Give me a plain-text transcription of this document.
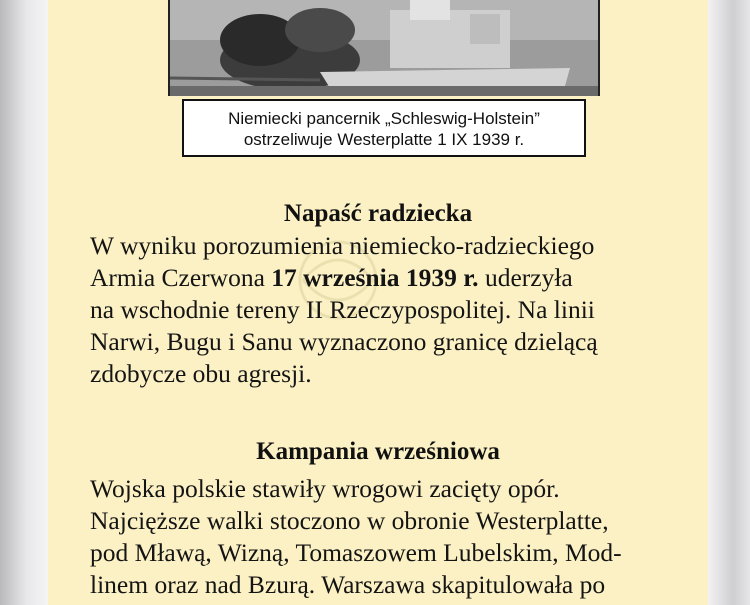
Niemiecki pancernik „Schleswig-Holstein”
ostrzeliwuje Westerplatte 1 IX 1939 r.
Napaść radziecka
W wyniku porozumienia niemiecko-radzieckiego
Armia Czerwona 17 września 1939 r. uderzyła
na wschodnie tereny II Rzeczypospolitej. Na linii
Narwi, Bugu i Sanu wyznaczono granicę dzielącą
zdobycze obu agresji.
Kampania wrześniowa
Wojska polskie stawiły wrogowi zacięty opór.
Najcięższe walki stoczono w obronie Westerplatte,
pod Mławą, Wizną, Tomaszowem Lubelskim, Mod-
linem oraz nad Bzurą. Warszawa skapitulowała po
